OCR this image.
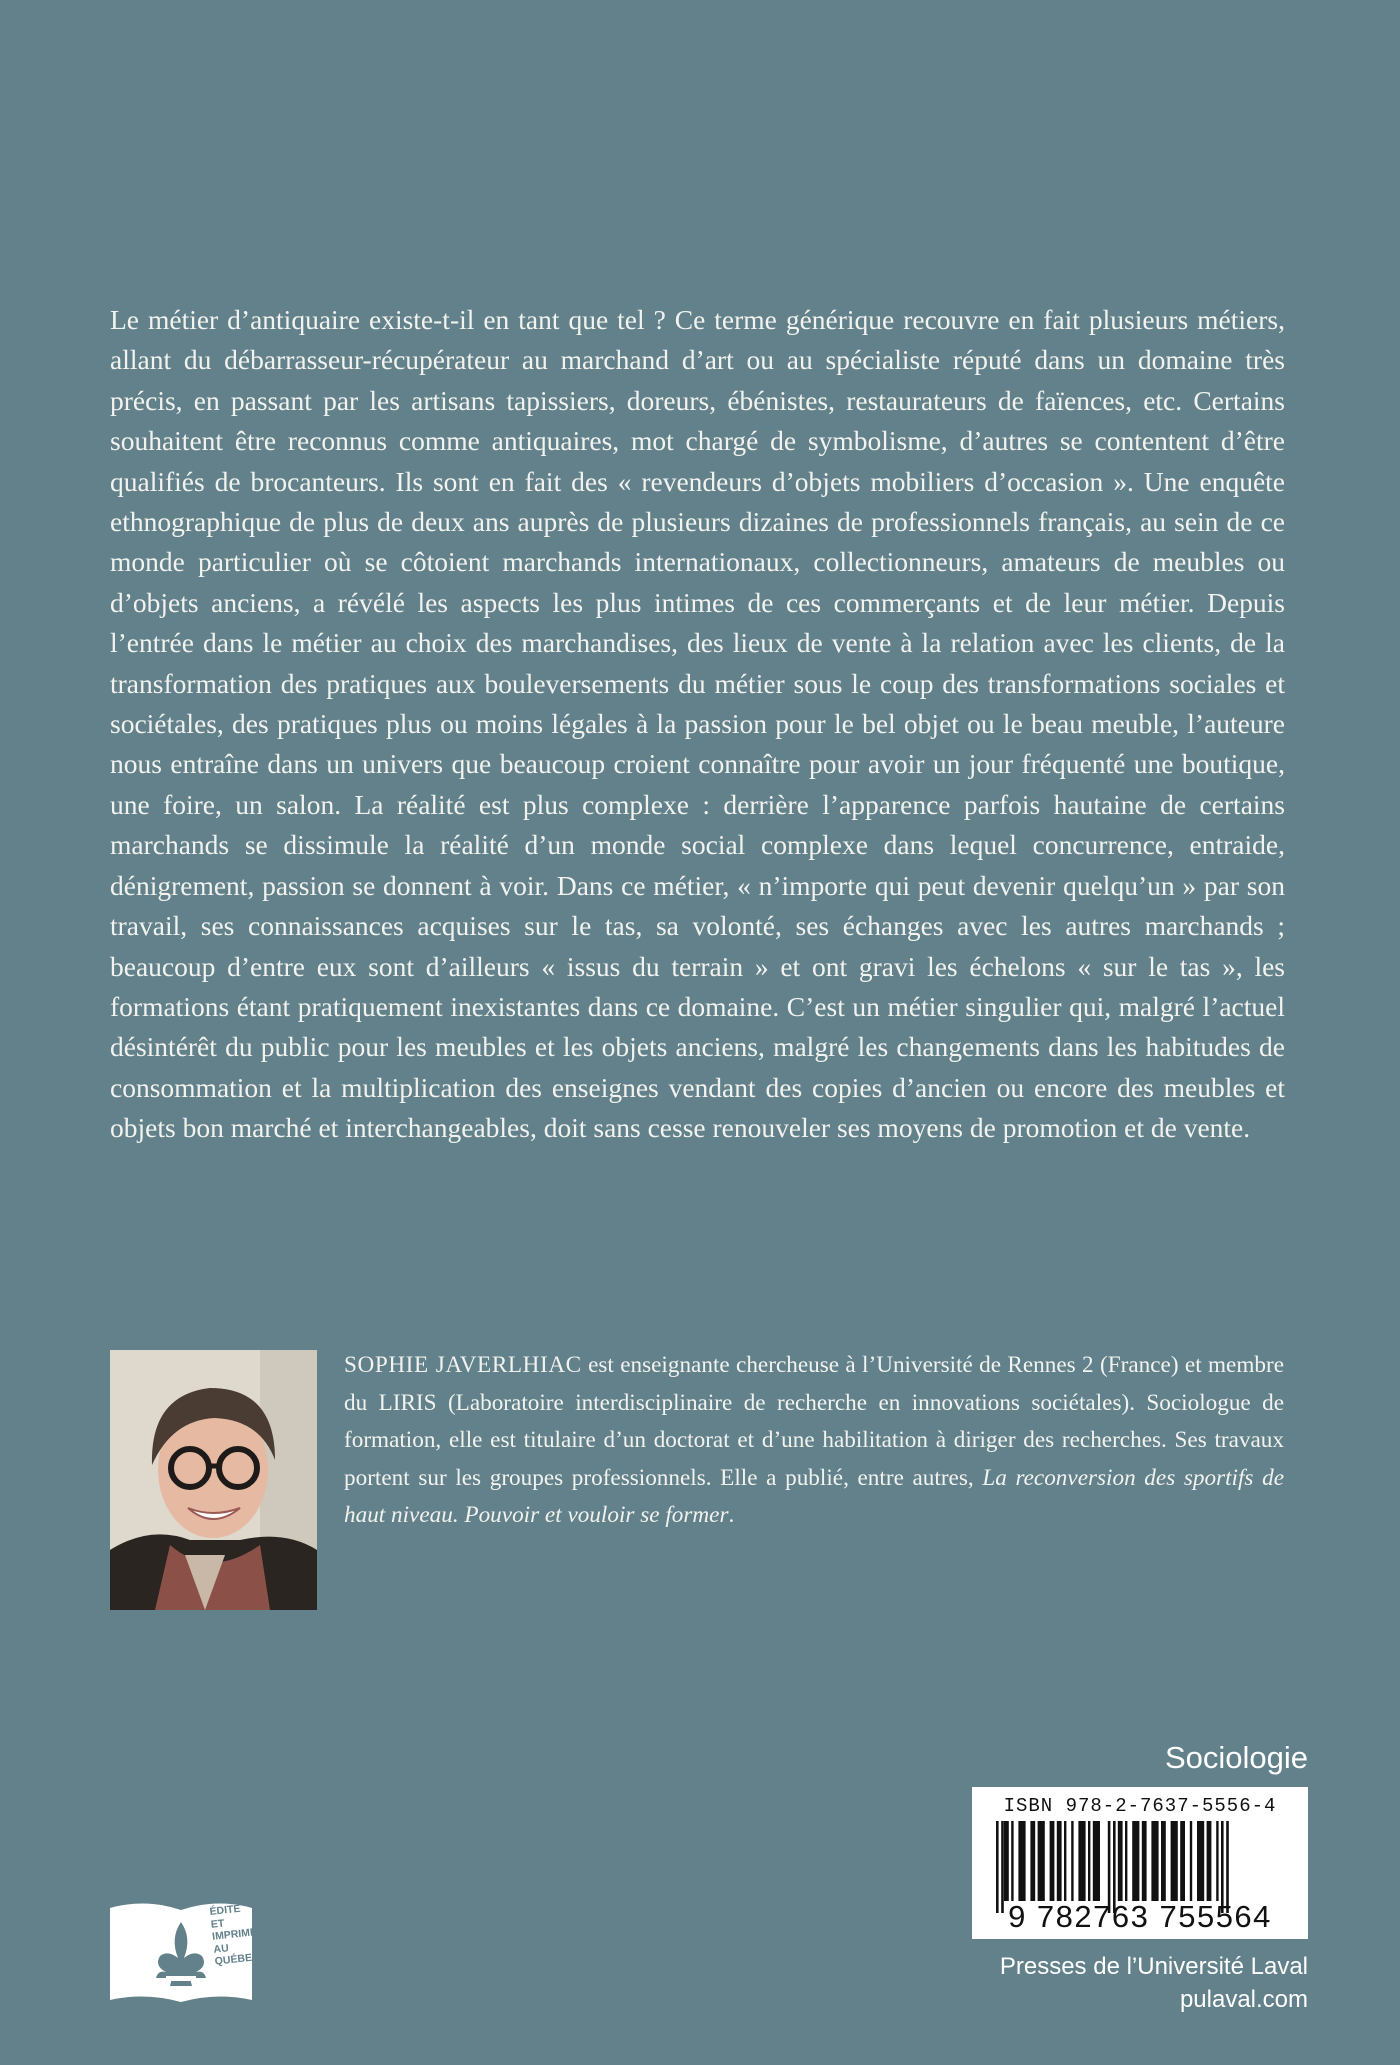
Le métier d’antiquaire existe-t-il en tant que tel ? Ce terme générique recouvre en fait plusieurs métiers, allant du débarrasseur-récupérateur au marchand d’art ou au spécialiste réputé dans un domaine très précis, en passant par les artisans tapissiers, doreurs, ébénistes, restaurateurs de faïences, etc. Certains souhaitent être reconnus comme antiquaires, mot chargé de symbolisme, d’autres se contentent d’être qualifiés de brocanteurs. Ils sont en fait des « revendeurs d’objets mobiliers d’occasion ». Une enquête ethnographique de plus de deux ans auprès de plusieurs dizaines de professionnels français, au sein de ce monde particulier où se côtoient marchands internationaux, collectionneurs, amateurs de meubles ou d’objets anciens, a révélé les aspects les plus intimes de ces commerçants et de leur métier. Depuis l’entrée dans le métier au choix des marchandises, des lieux de vente à la relation avec les clients, de la transformation des pratiques aux bouleversements du métier sous le coup des transformations sociales et sociétales, des pratiques plus ou moins légales à la passion pour le bel objet ou le beau meuble, l’auteure nous entraîne dans un univers que beaucoup croient connaître pour avoir un jour fréquenté une boutique, une foire, un salon. La réalité est plus complexe : derrière l’apparence parfois hautaine de certains marchands se dissimule la réalité d’un monde social complexe dans lequel concurrence, entraide, dénigrement, passion se donnent à voir. Dans ce métier, « n’importe qui peut devenir quelqu’un » par son travail, ses connaissances acquises sur le tas, sa volonté, ses échanges avec les autres marchands ; beaucoup d’entre eux sont d’ailleurs « issus du terrain » et ont gravi les échelons « sur le tas », les formations étant pratiquement inexistantes dans ce domaine. C’est un métier singulier qui, malgré l’actuel désintérêt du public pour les meubles et les objets anciens, malgré les changements dans les habitudes de consommation et la multiplication des enseignes vendant des copies d’ancien ou encore des meubles et objets bon marché et interchangeables, doit sans cesse renouveler ses moyens de promotion et de vente.

SOPHIE JAVERLHIAC est enseignante chercheuse à l’Université de Rennes 2 (France) et membre du LIRIS (Laboratoire interdisciplinaire de recherche en innovations sociétales). Sociologue de formation, elle est titulaire d’un doctorat et d’une habilitation à diriger des recherches. Ses travaux portent sur les groupes professionnels. Elle a publié, entre autres, La reconversion des sportifs de haut niveau. Pouvoir et vouloir se former.

ÉDITÉ ET
IMPRIMÉ
AU QUÉBEC
Sociologie
ISBN 978-2-7637-5556-4
9 782763 755564
Presses de l’Université Laval
pulaval.com
